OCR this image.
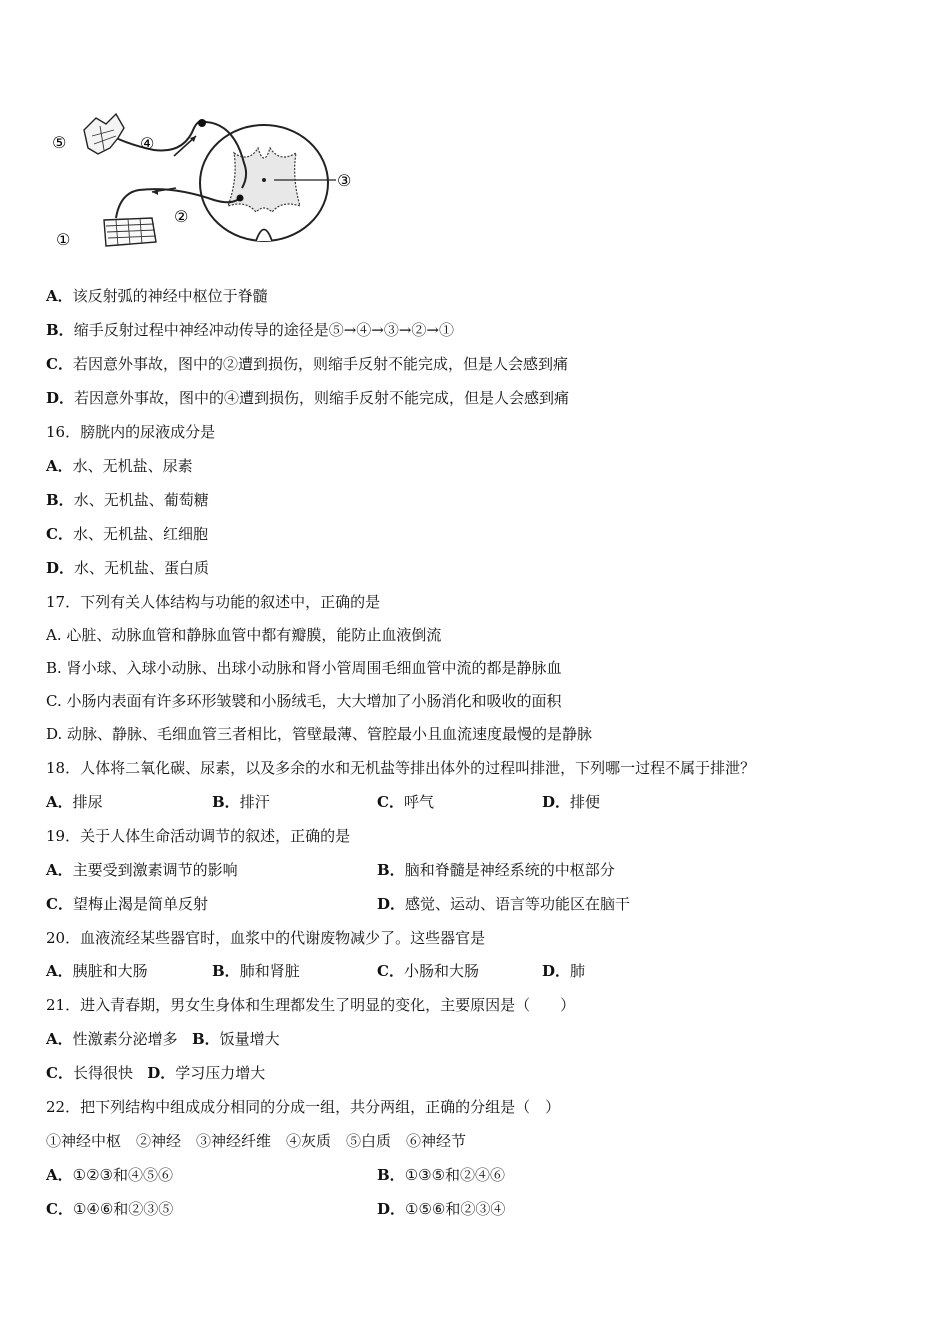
⑤	④
①
②
③
A．该反射弧的神经中枢位于脊髓
B．缩手反射过程中神经冲动传导的途径是⑤→④→③→②→①
C．若因意外事故，图中的②遭到损伤，则缩手反射不能完成，但是人会感到痛
D．若因意外事故，图中的④遭到损伤，则缩手反射不能完成，但是人会感到痛
16．膀胱内的尿液成分是
A．水、无机盐、尿素
B．水、无机盐、葡萄糖
C．水、无机盐、红细胞
D．水、无机盐、蛋白质
17．下列有关人体结构与功能的叙述中，正确的是
A. 心脏、动脉血管和静脉血管中都有瓣膜，能防止血液倒流
B. 肾小球、入球小动脉、出球小动脉和肾小管周围毛细血管中流的都是静脉血
C. 小肠内表面有许多环形皱襞和小肠绒毛，大大增加了小肠消化和吸收的面积
D. 动脉、静脉、毛细血管三者相比，管壁最薄、管腔最小且血流速度最慢的是静脉
18．人体将二氧化碳、尿素，以及多余的水和无机盐等排出体外的过程叫排泄，下列哪一过程不属于排泄？
A．排尿	B．排汗	C．呼气	D．排便
19．关于人体生命活动调节的叙述，正确的是
A．主要受到激素调节的影响	B．脑和脊髓是神经系统的中枢部分
C．望梅止渴是简单反射	D．感觉、运动、语言等功能区在脑干
20．血液流经某些器官时，血浆中的代谢废物减少了。这些器官是
A．胰脏和大肠	B．肺和肾脏	C．小肠和大肠	D．肺
21．进入青春期，男女生身体和生理都发生了明显的变化，主要原因是（　　）
A．性激素分泌增多 B．饭量增大
C．长得很快 D．学习压力增大
22．把下列结构中组成成分相同的分成一组，共分两组，正确的分组是（　）
①神经中枢　②神经　③神经纤维　④灰质　⑤白质　⑥神经节
A．①②③和④⑤⑥	B．①③⑤和②④⑥
C．①④⑥和②③⑤	D．①⑤⑥和②③④
